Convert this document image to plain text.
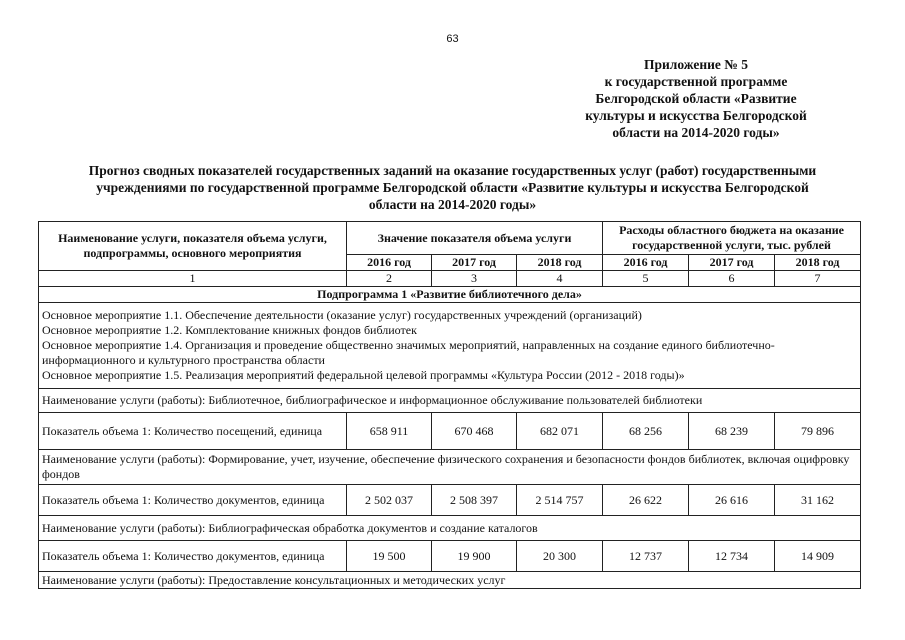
63
Приложение № 5
к государственной программе
Белгородской области «Развитие
культуры и искусства Белгородской
области на 2014-2020 годы»
Прогноз сводных показателей государственных заданий на оказание государственных услуг (работ) государственными
учреждениями по государственной программе Белгородской области «Развитие культуры и искусства Белгородской
области на 2014-2020 годы»
Наименование услуги, показателя объема услуги, подпрограммы, основного мероприятия	Значение показателя объема услуги			Расходы областного бюджета на оказание государственной услуги, тыс. рублей		
	2016 год	2017 год	2018 год	2016 год	2017 год	2018 год
1	2	3	4	5	6	7
Подпрограмма 1 «Развитие библиотечного дела»						

Основное мероприятие 1.1. Обеспечение деятельности (оказание услуг) государственных учреждений (организаций)
Основное мероприятие 1.2. Комплектование книжных фондов библиотек
Основное мероприятие 1.4. Организация и проведение общественно значимых мероприятий, направленных на создание единого библиотечно-информационного и культурного пространства области
Основное мероприятие 1.5. Реализация мероприятий федеральной целевой программы «Культура России (2012 - 2018 годы)»						

Наименование услуги (работы): Библиотечное, библиографическое и информационное обслуживание пользователей библиотеки						
Показатель объема 1: Количество посещений, единица	658 911	670 468	682 071	68 256	68 239	79 896
Наименование услуги (работы): Формирование, учет, изучение, обеспечение физического сохранения и безопасности фондов библиотек, включая оцифровку фондов						
Показатель объема 1: Количество документов, единица	2 502 037	2 508 397	2 514 757	26 622	26 616	31 162
Наименование услуги (работы): Библиографическая обработка документов и создание каталогов						
Показатель объема 1: Количество документов, единица	19 500	19 900	20 300	12 737	12 734	14 909
Наименование услуги (работы): Предоставление консультационных и методических услуг						
